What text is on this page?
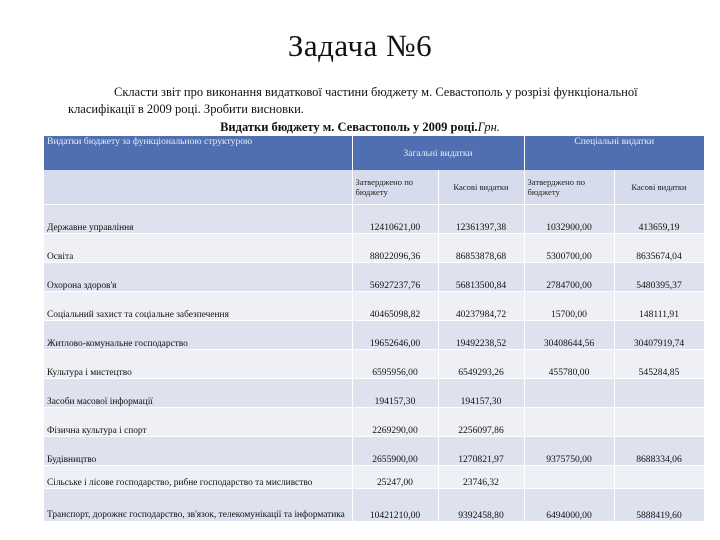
Задача №6
Скласти звіт про виконання видаткової частини бюджету м. Севастополь у розрізі функціональної класифікації в 2009 році. Зробити висновки.
Видатки бюджету м. Севастополь у 2009 році.Грн.
Видатки бюджету за функціональною структурою	Загальні видатки		Спеціальні видатки	
	Затверджено по бюджету	Касові видатки	Затверджено по бюджету	Касові видатки
Державне управління	12410621,00	12361397,38	1032900,00	413659,19
Освіта	88022096,36	86853878,68	5300700,00	8635674,04
Охорона здоров'я	56927237,76	56813500,84	2784700,00	5480395,37
Соціальний захист та соціальне забезпечення	40465098,82	40237984,72	15700,00	148111,91
Житлово-комунальне господарство	19652646,00	19492238,52	30408644,56	30407919,74
Культура і мистецтво	6595956,00	6549293,26	455780,00	545284,85
Засоби масової інформації	194157,30	194157,30		
Фізична культура і спорт	2269290,00	2256097,86		
Будівництво	2655900,00	1270821,97	9375750,00	8688334,06
Сільське і лісове господарство, рибне господарство та мисливство	25247,00	23746,32		
Транспорт, дорожнє господарство, зв'язок, телекомунікації та інформатика	10421210,00	9392458,80	6494000,00	5888419,60
